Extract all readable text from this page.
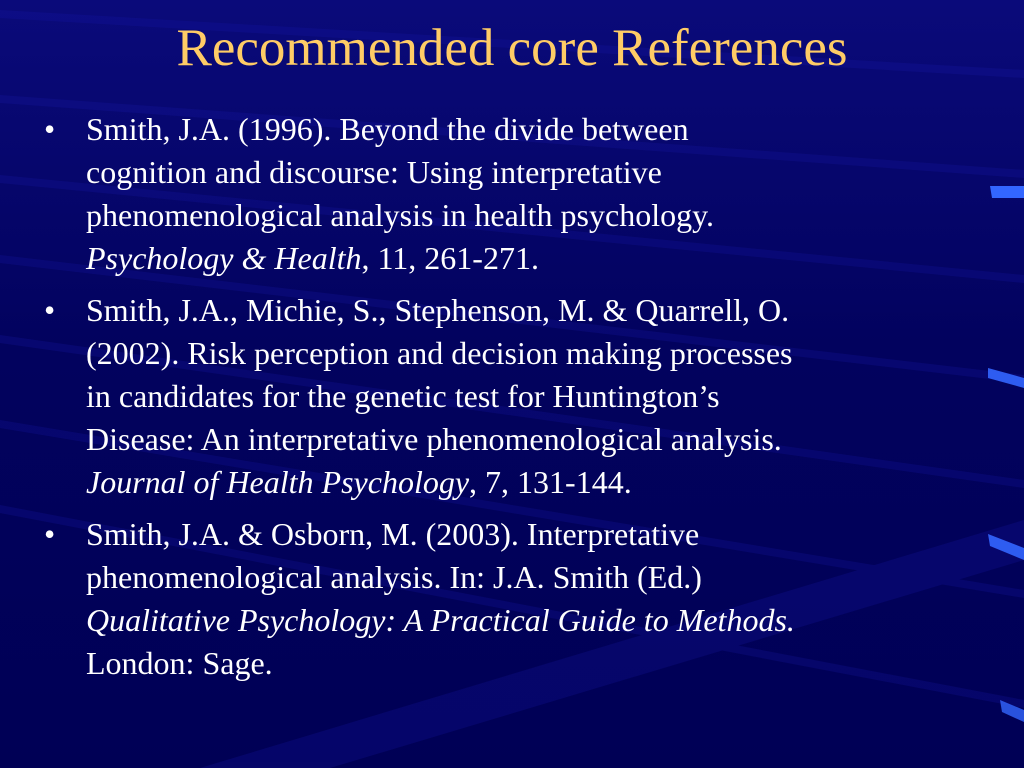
Recommended core References
• Smith, J.A. (1996). Beyond the divide between
cognition and discourse: Using interpretative
phenomenological analysis in health psychology.
Psychology & Health, 11, 261-271.
• Smith, J.A., Michie, S., Stephenson, M. & Quarrell, O.
(2002). Risk perception and decision making processes
in candidates for the genetic test for Huntington’s
Disease: An interpretative phenomenological analysis.
Journal of Health Psychology, 7, 131-144.
• Smith, J.A. & Osborn, M. (2003). Interpretative
phenomenological analysis. In: J.A. Smith (Ed.)
Qualitative Psychology: A Practical Guide to Methods.
London: Sage.
